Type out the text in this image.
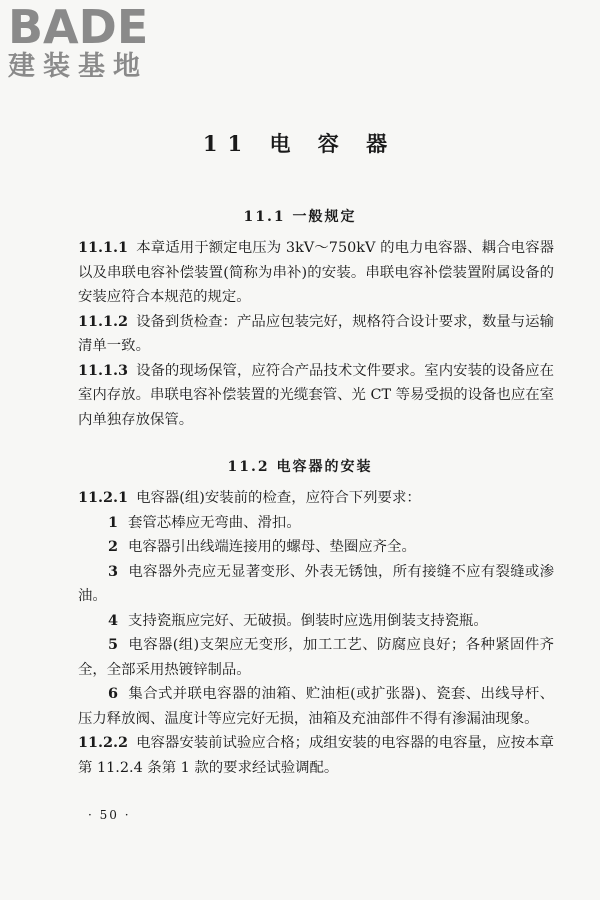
BADE
建装基地
11 电 容 器
11.1 一般规定

11.1.1 本章适用于额定电压为 3kV～750kV 的电力电容器、耦合电容器以及串联电容补偿装置(简称为串补)的安装。串联电容补偿装置附属设备的安装应符合本规范的规定。

11.1.2 设备到货检查：产品应包装完好，规格符合设计要求，数量与运输清单一致。

11.1.3 设备的现场保管，应符合产品技术文件要求。室内安装的设备应在室内存放。串联电容补偿装置的光缆套管、光 CT 等易受损的设备也应在室内单独存放保管。

11.2 电容器的安装

11.2.1 电容器(组)安装前的检查，应符合下列要求：

1 套管芯棒应无弯曲、滑扣。

2 电容器引出线端连接用的螺母、垫圈应齐全。

3 电容器外壳应无显著变形、外表无锈蚀，所有接缝不应有裂缝或渗油。

4 支持瓷瓶应完好、无破损。倒装时应选用倒装支持瓷瓶。

5 电容器(组)支架应无变形，加工工艺、防腐应良好；各种紧固件齐全，全部采用热镀锌制品。

6 集合式并联电容器的油箱、贮油柜(或扩张器)、瓷套、出线导杆、压力释放阀、温度计等应完好无损，油箱及充油部件不得有渗漏油现象。

11.2.2 电容器安装前试验应合格；成组安装的电容器的电容量，应按本章第 11.2.4 条第 1 款的要求经试验调配。

· 50 ·
